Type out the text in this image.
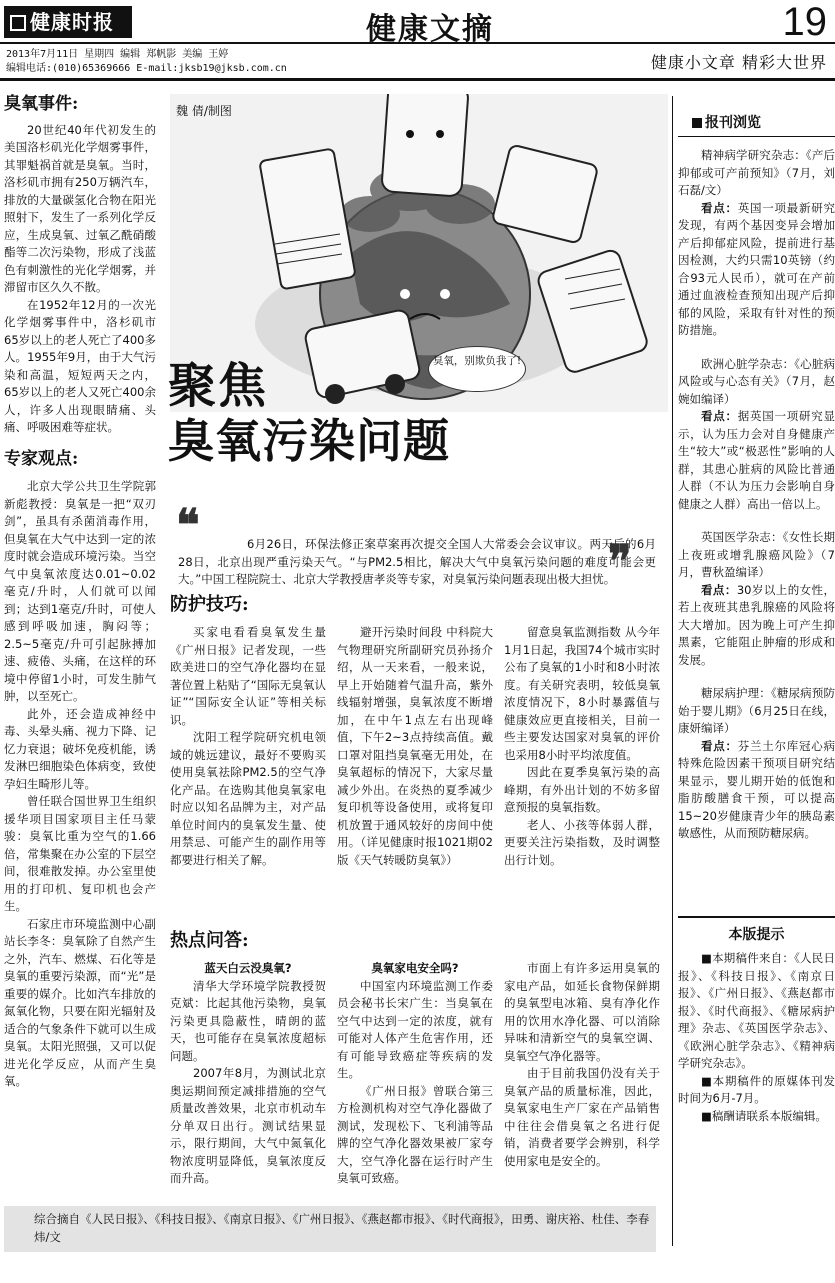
健康时报	健康文摘	19
2013年7月11日 星期四 编辑 郑帆影 美编 王婷
编辑电话:(010)65369666 E-mail:jksb19@jksb.com.cn	健康小文章 精彩大世界
臭氧事件:

20世纪40年代初发生的美国洛杉矶光化学烟雾事件，其罪魁祸首就是臭氧。当时，洛杉矶市拥有250万辆汽车，排放的大量碳氢化合物在阳光照射下，发生了一系列化学反应，生成臭氧、过氧乙酰硝酸酯等二次污染物，形成了浅蓝色有刺激性的光化学烟雾，并滞留市区久久不散。

在1952年12月的一次光化学烟雾事件中，洛杉矶市65岁以上的老人死亡了400多人。1955年9月，由于大气污染和高温，短短两天之内，65岁以上的老人又死亡400余人，许多人出现眼睛痛、头痛、呼吸困难等症状。

专家观点:

北京大学公共卫生学院郭新彪教授：臭氧是一把“双刃剑”，虽具有杀菌消毒作用，但臭氧在大气中达到一定的浓度时就会造成环境污染。当空气中臭氧浓度达0.01~0.02毫克/升时，人们就可以闻到；达到1毫克/升时，可使人感到呼吸加速，胸闷等；2.5~5毫克/升可引起脉搏加速、疲倦、头痛，在这样的环境中停留1小时，可发生肺气肿，以至死亡。

此外，还会造成神经中毒、头晕头痛、视力下降、记忆力衰退；破坏免疫机能，诱发淋巴细胞染色体病变，致使孕妇生畸形儿等。

曾任联合国世界卫生组织援华项目国家项目主任马蒙骏：臭氧比重为空气的1.66倍，常集聚在办公室的下层空间，很难散发掉。办公室里使用的打印机、复印机也会产生。

石家庄市环境监测中心副站长李冬：臭氧除了自然产生之外，汽车、燃煤、石化等是臭氧的重要污染源，而“光”是重要的媒介。比如汽车排放的氮氧化物，只要在阳光辐射及适合的气象条件下就可以生成臭氧。太阳光照强，又可以促进光化学反应，从而产生臭氧。

魏 倩/制图
臭氧，别欺负我了!
聚焦
臭氧污染问题
❝	6月26日，环保法修正案草案再次提交全国人大常委会会议审议。两天后的6月28日，北京出现严重污染天气。“与PM2.5相比，解决大气中臭氧污染问题的难度可能会更大。”中国工程院院士、北京大学教授唐孝炎等专家，对臭氧污染问题表现出极大担忧。
❞
防护技巧:

买家电看看臭氧发生量 《广州日报》记者发现，一些欧美进口的空气净化器均在显著位置上粘贴了“国际无臭氧认证”“国际安全认证”等相关标识。

沈阳工程学院研究机电领域的姚远建议，最好不要购买使用臭氧祛除PM2.5的空气净化产品。在选购其他臭氧家电时应以知名品牌为主，对产品单位时间内的臭氧发生量、使用禁忌、可能产生的副作用等都要进行相关了解。

避开污染时间段 中科院大气物理研究所副研究员孙扬介绍，从一天来看，一般来说，早上开始随着气温升高，紫外线辐射增强，臭氧浓度不断增加，在中午1点左右出现峰值，下午2~3点持续高值。戴口罩对阻挡臭氧毫无用处，在臭氧超标的情况下，大家尽量减少外出。在炎热的夏季减少复印机等设备使用，或将复印机放置于通风较好的房间中使用。（详见健康时报1021期02版《天气转暖防臭氧》）

留意臭氧监测指数 从今年1月1日起，我国74个城市实时公布了臭氧的1小时和8小时浓度。有关研究表明，较低臭氧浓度情况下，8小时暴露值与健康效应更直接相关，目前一些主要发达国家对臭氧的评价也采用8小时平均浓度值。

因此在夏季臭氧污染的高峰期，有外出计划的不妨多留意预报的臭氧指数。

老人、小孩等体弱人群，更要关注污染指数，及时调整出行计划。

热点问答:
蓝天白云没臭氧?

清华大学环境学院教授贺克斌：比起其他污染物，臭氧污染更具隐蔽性，晴朗的蓝天，也可能存在臭氧浓度超标问题。

2007年8月，为测试北京奥运期间预定减排措施的空气质量改善效果，北京市机动车分单双日出行。测试结果显示，限行期间，大气中氮氧化物浓度明显降低，臭氧浓度反而升高。

臭氧家电安全吗?

中国室内环境监测工作委员会秘书长宋广生：当臭氧在空气中达到一定的浓度，就有可能对人体产生危害作用，还有可能导致癌症等疾病的发生。

《广州日报》曾联合第三方检测机构对空气净化器做了测试，发现松下、飞利浦等品牌的空气净化器效果被厂家夸大，空气净化器在运行时产生臭氧可致癌。

市面上有许多运用臭氧的家电产品，如延长食物保鲜期的臭氧型电冰箱、臭有净化作用的饮用水净化器、可以消除异味和清新空气的臭氧空调、臭氧空气净化器等。

由于目前我国仍没有关于臭氧产品的质量标准，因此，臭氧家电生产厂家在产品销售中往往会借臭氧之名进行促销，消费者要学会辨别，科学使用家电是安全的。

报刊浏览

精神病学研究杂志：《产后抑郁或可产前预知》（7月，刘石磊/文）

看点：英国一项最新研究发现，有两个基因变异会增加产后抑郁症风险，提前进行基因检测，大约只需10英镑（约合93元人民币），就可在产前通过血液检查预知出现产后抑郁的风险，采取有针对性的预防措施。

欧洲心脏学杂志：《心脏病风险或与心态有关》（7月，赵婉如编译）

看点：据英国一项研究显示，认为压力会对自身健康产生“较大”或“极恶性”影响的人群，其患心脏病的风险比普通人群（不认为压力会影响自身健康之人群）高出一倍以上。

英国医学杂志：《女性长期上夜班或增乳腺癌风险》（7月，曹秋盈编译）

看点：30岁以上的女性，若上夜班其患乳腺癌的风险将大大增加。因为晚上可产生抑黑素，它能阻止肿瘤的形成和发展。

糖尿病护理：《糖尿病预防始于婴儿期》（6月25日在线，康妍编译）

看点：芬兰土尔库冠心病特殊危险因素干预项目研究结果显示，婴儿期开始的低饱和脂肪酸膳食干预，可以提高15~20岁健康青少年的胰岛素敏感性，从而预防糖尿病。

本版提示

■本期稿件来自：《人民日报》、《科技日报》、《南京日报》、《广州日报》、《燕赵都市报》、《时代商报》、《糖尿病护理》杂志、《英国医学杂志》、《欧洲心脏学杂志》、《精神病学研究杂志》。

■本期稿件的原媒体刊发时间为6月-7月。

■稿酬请联系本版编辑。

综合摘自《人民日报》、《科技日报》、《南京日报》、《广州日报》、《燕赵都市报》、《时代商报》，田勇、谢庆裕、杜佳、李春炜/文
